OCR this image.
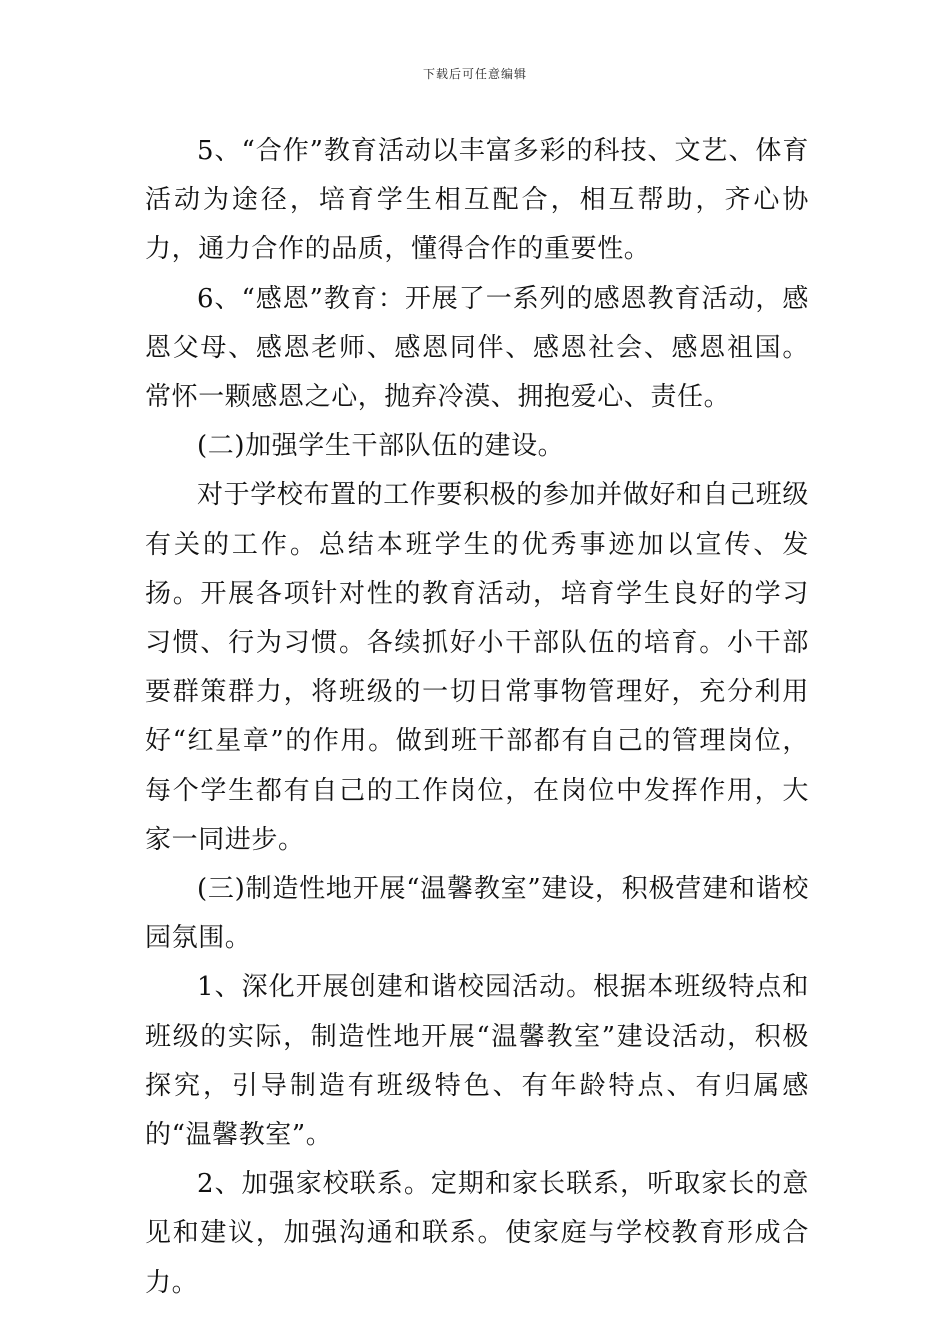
下载后可任意编辑

5、“合作”教育活动以丰富多彩的科技、文艺、体育活动为途径，培育学生相互配合，相互帮助，齐心协力，通力合作的品质，懂得合作的重要性。

6、“感恩”教育：开展了一系列的感恩教育活动，感恩父母、感恩老师、感恩同伴、感恩社会、感恩祖国。常怀一颗感恩之心，抛弃冷漠、拥抱爱心、责任。

(二)加强学生干部队伍的建设。

对于学校布置的工作要积极的参加并做好和自己班级有关的工作。总结本班学生的优秀事迹加以宣传、发扬。开展各项针对性的教育活动，培育学生良好的学习习惯、行为习惯。各续抓好小干部队伍的培育。小干部要群策群力，将班级的一切日常事物管理好，充分利用好“红星章”的作用。做到班干部都有自己的管理岗位，每个学生都有自己的工作岗位，在岗位中发挥作用，大家一同进步。

(三)制造性地开展“温馨教室”建设，积极营建和谐校园氛围。

1、深化开展创建和谐校园活动。根据本班级特点和班级的实际，制造性地开展“温馨教室”建设活动，积极探究，引导制造有班级特色、有年龄特点、有归属感的“温馨教室”。

2、加强家校联系。定期和家长联系，听取家长的意见和建议，加强沟通和联系。使家庭与学校教育形成合力。
